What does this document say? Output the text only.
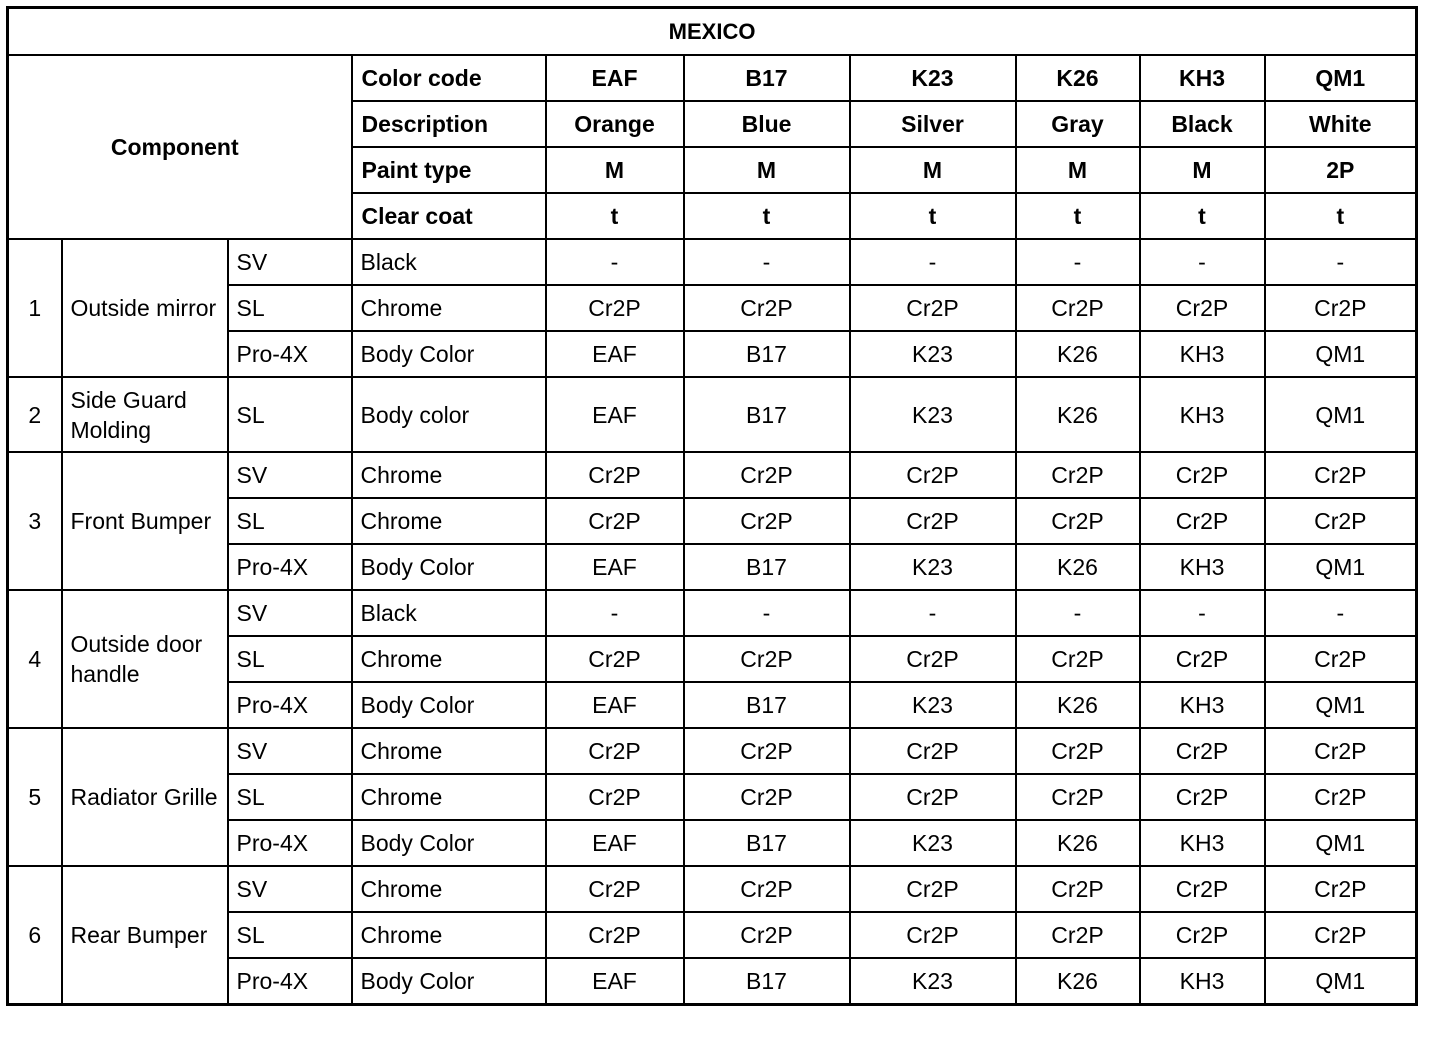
MEXICO									
Component			Color code	EAF	B17	K23	K26	KH3	QM1
			Description	Orange	Blue	Silver	Gray	Black	White
			Paint type	M	M	M	M	M	2P
			Clear coat	t	t	t	t	t	t
1	Outside mirror	SV	Black	-	-	-	-	-	-
		SL	Chrome	Cr2P	Cr2P	Cr2P	Cr2P	Cr2P	Cr2P
		Pro-4X	Body Color	EAF	B17	K23	K26	KH3	QM1
2	Side Guard Molding	SL	Body color	EAF	B17	K23	K26	KH3	QM1
3	Front Bumper	SV	Chrome	Cr2P	Cr2P	Cr2P	Cr2P	Cr2P	Cr2P
		SL	Chrome	Cr2P	Cr2P	Cr2P	Cr2P	Cr2P	Cr2P
		Pro-4X	Body Color	EAF	B17	K23	K26	KH3	QM1
4	Outside door handle	SV	Black	-	-	-	-	-	-
		SL	Chrome	Cr2P	Cr2P	Cr2P	Cr2P	Cr2P	Cr2P
		Pro-4X	Body Color	EAF	B17	K23	K26	KH3	QM1
5	Radiator Grille	SV	Chrome	Cr2P	Cr2P	Cr2P	Cr2P	Cr2P	Cr2P
		SL	Chrome	Cr2P	Cr2P	Cr2P	Cr2P	Cr2P	Cr2P
		Pro-4X	Body Color	EAF	B17	K23	K26	KH3	QM1
6	Rear Bumper	SV	Chrome	Cr2P	Cr2P	Cr2P	Cr2P	Cr2P	Cr2P
		SL	Chrome	Cr2P	Cr2P	Cr2P	Cr2P	Cr2P	Cr2P
		Pro-4X	Body Color	EAF	B17	K23	K26	KH3	QM1
